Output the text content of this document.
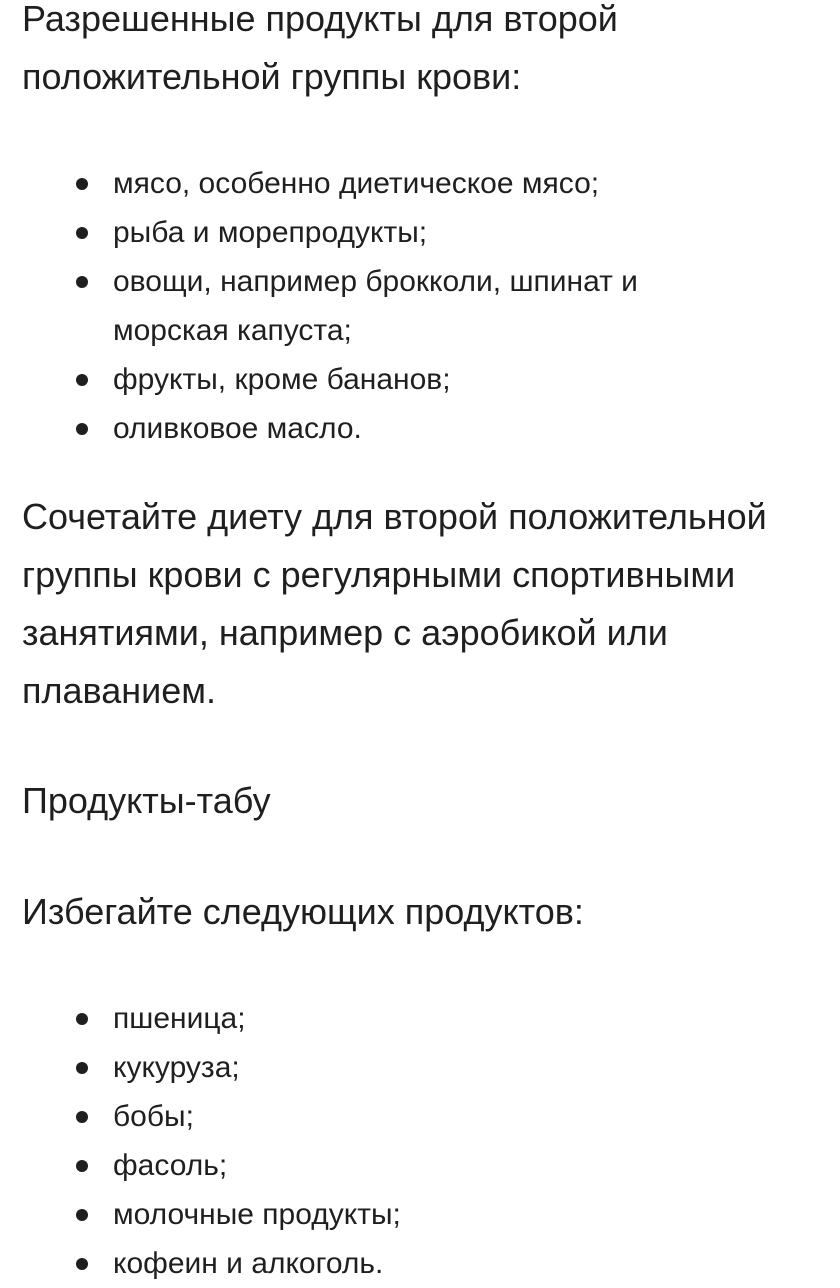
Разрешенные продукты для второй положительной группы крови:

мясо, особенно диетическое мясо;
рыба и морепродукты;
овощи, например брокколи, шпинат и морская капуста;
фрукты, кроме бананов;
оливковое масло.

Сочетайте диету для второй положительной группы крови с регулярными спортивными занятиями, например с аэробикой или плаванием.

Продукты-табу

Избегайте следующих продуктов:

пшеница;
кукуруза;
бобы;
фасоль;
молочные продукты;
кофеин и алкоголь.
